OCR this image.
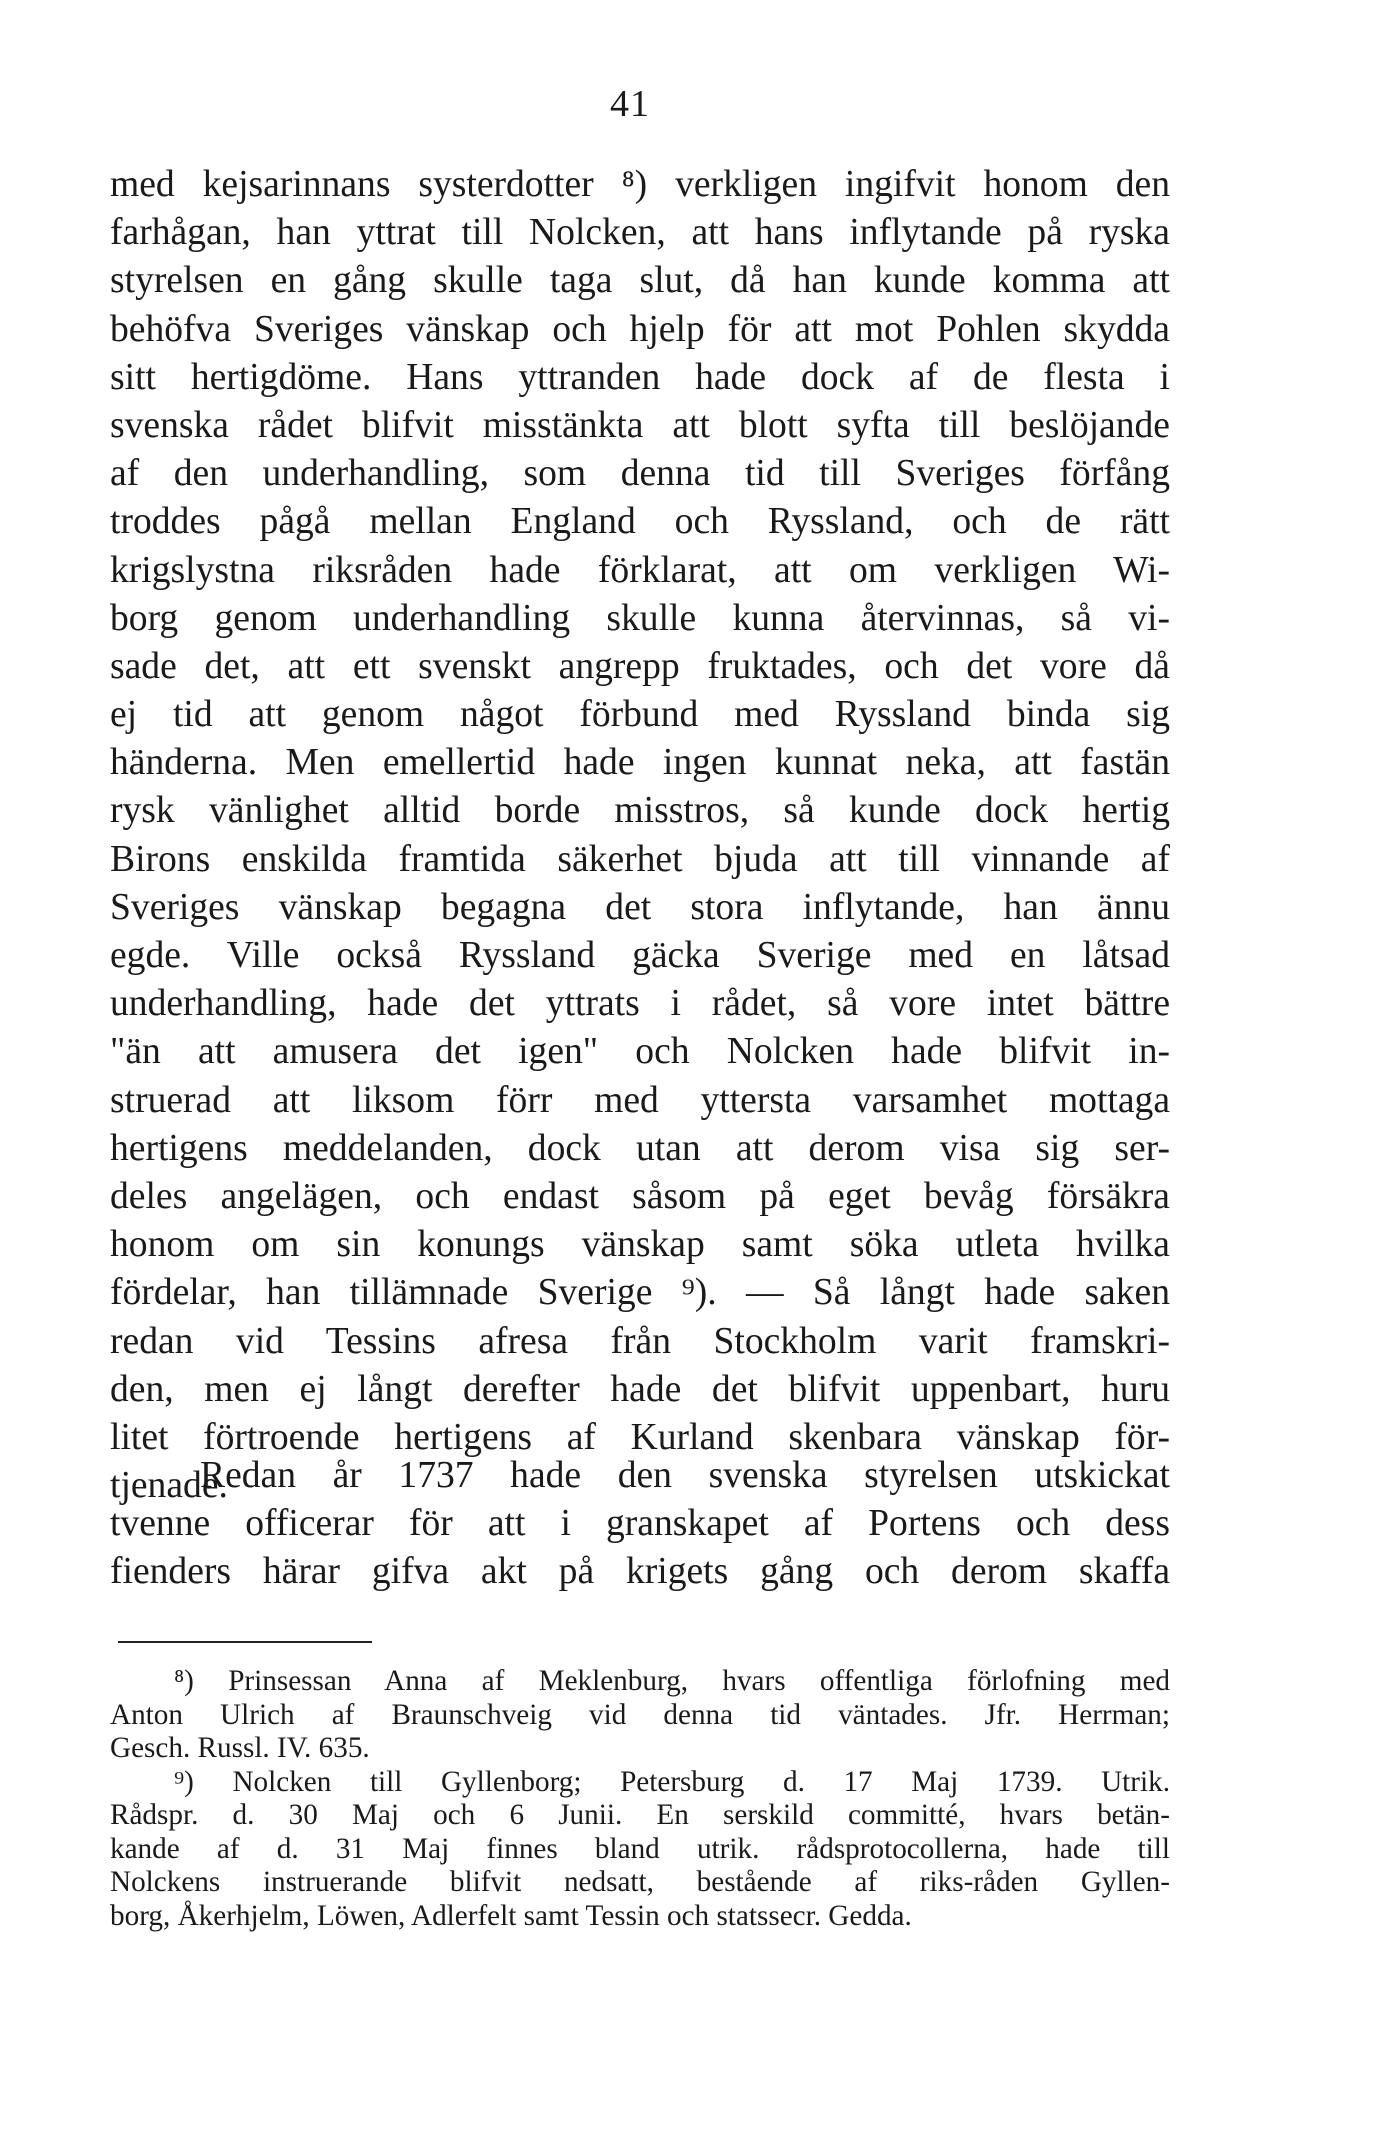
41
med kejsarinnans systerdotter ⁸) verkligen ingifvit honom den
farhågan, han yttrat till Nolcken, att hans inflytande på ryska
styrelsen en gång skulle taga slut, då han kunde komma att
behöfva Sveriges vänskap och hjelp för att mot Pohlen skydda
sitt hertigdöme. Hans yttranden hade dock af de flesta i
svenska rådet blifvit misstänkta att blott syfta till beslöjande
af den underhandling, som denna tid till Sveriges förfång
troddes pågå mellan England och Ryssland, och de rätt
krigslystna riksråden hade förklarat, att om verkligen Wi-
borg genom underhandling skulle kunna återvinnas, så vi-
sade det, att ett svenskt angrepp fruktades, och det vore då
ej tid att genom något förbund med Ryssland binda sig
händerna. Men emellertid hade ingen kunnat neka, att fastän
rysk vänlighet alltid borde misstros, så kunde dock hertig
Birons enskilda framtida säkerhet bjuda att till vinnande af
Sveriges vänskap begagna det stora inflytande, han ännu
egde. Ville också Ryssland gäcka Sverige med en låtsad
underhandling, hade det yttrats i rådet, så vore intet bättre
"än att amusera det igen" och Nolcken hade blifvit in-
struerad att liksom förr med yttersta varsamhet mottaga
hertigens meddelanden, dock utan att derom visa sig ser-
deles angelägen, och endast såsom på eget bevåg försäkra
honom om sin konungs vänskap samt söka utleta hvilka
fördelar, han tillämnade Sverige ⁹). — Så långt hade saken
redan vid Tessins afresa från Stockholm varit framskri-
den, men ej långt derefter hade det blifvit uppenbart, huru
litet förtroende hertigens af Kurland skenbara vänskap för-
tjenade.
Redan år 1737 hade den svenska styrelsen utskickat
tvenne officerar för att i granskapet af Portens och dess
fienders härar gifva akt på krigets gång och derom skaffa
⁸) Prinsessan Anna af Meklenburg, hvars offentliga förlofning med
Anton Ulrich af Braunschveig vid denna tid väntades. Jfr. Herrman;
Gesch. Russl. IV. 635.
⁹) Nolcken till Gyllenborg; Petersburg d. 17 Maj 1739. Utrik.
Rådspr. d. 30 Maj och 6 Junii. En serskild committé, hvars betän-
kande af d. 31 Maj finnes bland utrik. rådsprotocollerna, hade till
Nolckens instruerande blifvit nedsatt, bestående af riks-råden Gyllen-
borg, Åkerhjelm, Löwen, Adlerfelt samt Tessin och statssecr. Gedda.
